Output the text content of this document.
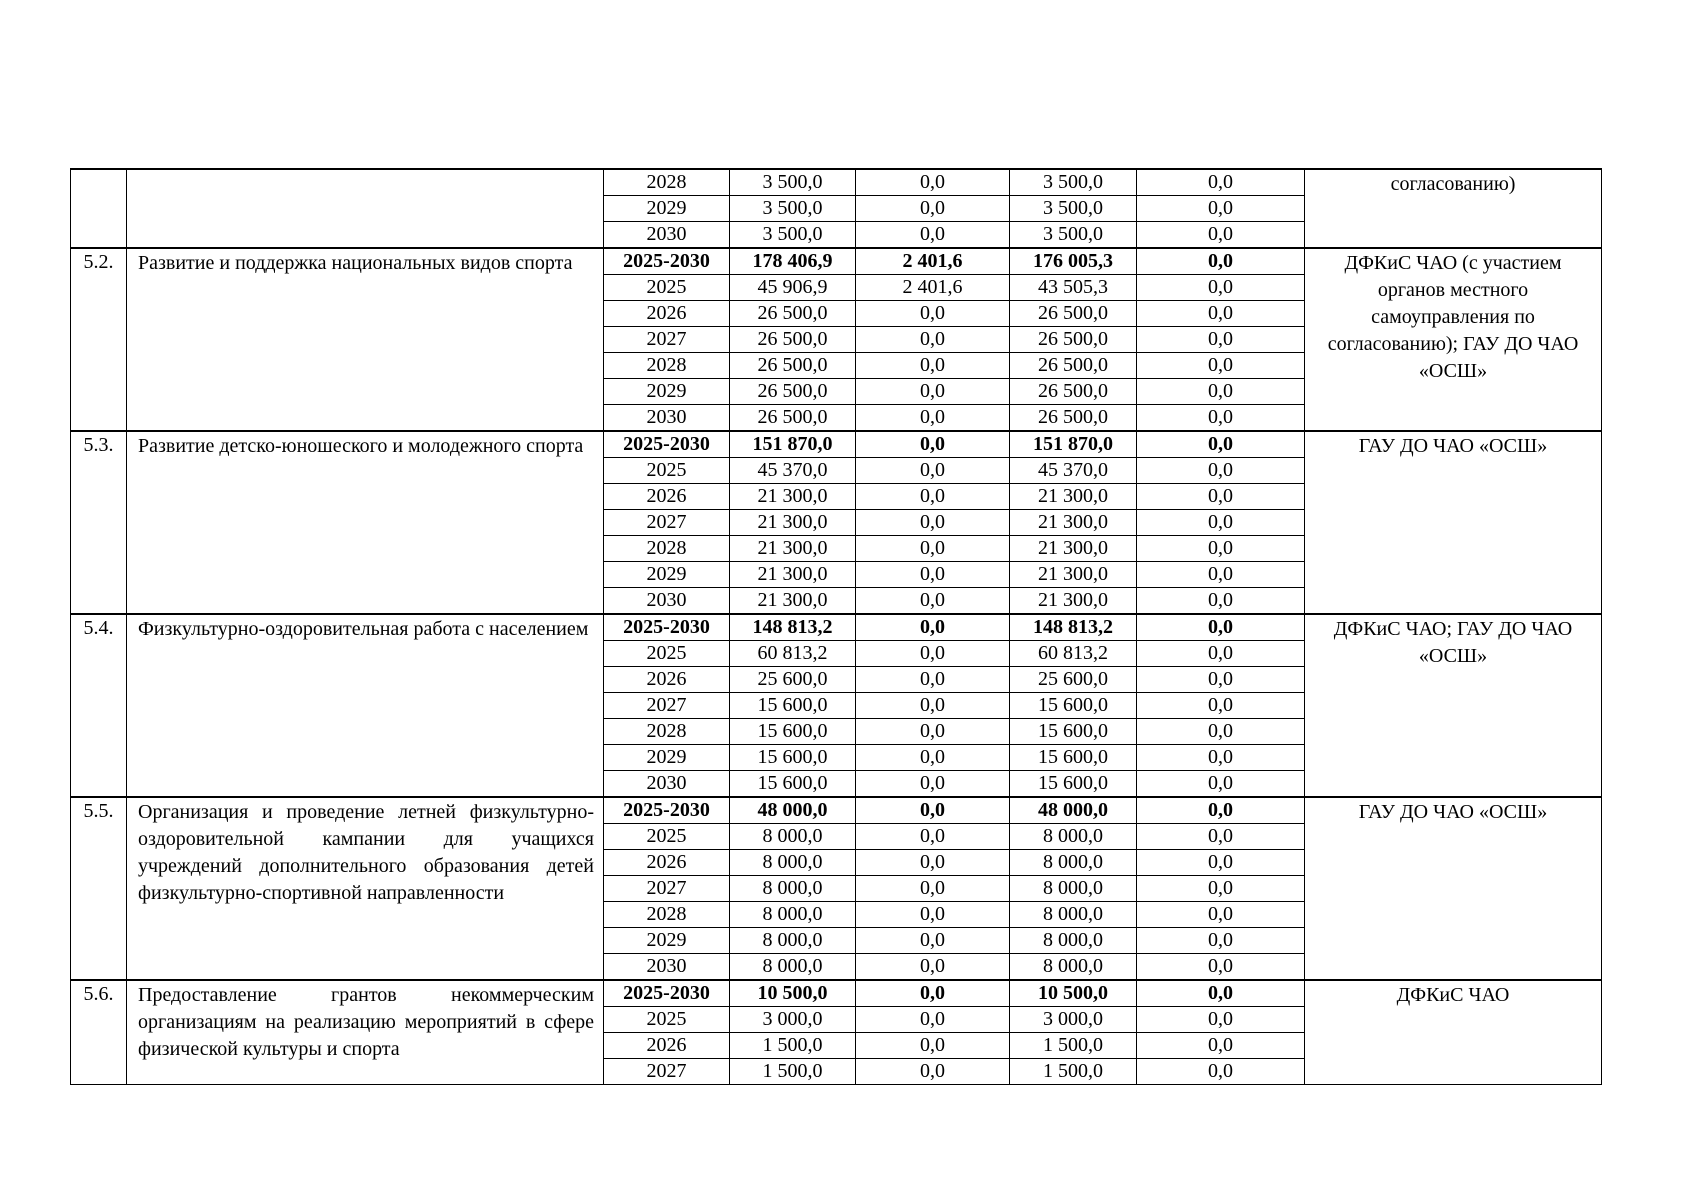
		2028	3 500,0	0,0	3 500,0	0,0	согласованию)
		2029	3 500,0	0,0	3 500,0	0,0	
		2030	3 500,0	0,0	3 500,0	0,0	
5.2.	Развитие и поддержка национальных видов спорта	2025-2030	178 406,9	2 401,6	176 005,3	0,0	ДФКиС ЧАО (с участием органов местного самоуправления по согласованию); ГАУ ДО ЧАО «ОСШ»
		2025	45 906,9	2 401,6	43 505,3	0,0	
		2026	26 500,0	0,0	26 500,0	0,0	
		2027	26 500,0	0,0	26 500,0	0,0	
		2028	26 500,0	0,0	26 500,0	0,0	
		2029	26 500,0	0,0	26 500,0	0,0	
		2030	26 500,0	0,0	26 500,0	0,0	
5.3.	Развитие детско-юношеского и молодежного спорта	2025-2030	151 870,0	0,0	151 870,0	0,0	ГАУ ДО ЧАО «ОСШ»
		2025	45 370,0	0,0	45 370,0	0,0	
		2026	21 300,0	0,0	21 300,0	0,0	
		2027	21 300,0	0,0	21 300,0	0,0	
		2028	21 300,0	0,0	21 300,0	0,0	
		2029	21 300,0	0,0	21 300,0	0,0	
		2030	21 300,0	0,0	21 300,0	0,0	
5.4.	Физкультурно-оздоровительная работа с населением	2025-2030	148 813,2	0,0	148 813,2	0,0	ДФКиС ЧАО; ГАУ ДО ЧАО «ОСШ»
		2025	60 813,2	0,0	60 813,2	0,0	
		2026	25 600,0	0,0	25 600,0	0,0	
		2027	15 600,0	0,0	15 600,0	0,0	
		2028	15 600,0	0,0	15 600,0	0,0	
		2029	15 600,0	0,0	15 600,0	0,0	
		2030	15 600,0	0,0	15 600,0	0,0	
5.5.	Организация и проведение летней физкультурно-оздоровительной кампании для учащихся учреждений дополнительного образования детей физкультурно-спортивной направленности	2025-2030	48 000,0	0,0	48 000,0	0,0	ГАУ ДО ЧАО «ОСШ»
		2025	8 000,0	0,0	8 000,0	0,0	
		2026	8 000,0	0,0	8 000,0	0,0	
		2027	8 000,0	0,0	8 000,0	0,0	
		2028	8 000,0	0,0	8 000,0	0,0	
		2029	8 000,0	0,0	8 000,0	0,0	
		2030	8 000,0	0,0	8 000,0	0,0	
5.6.	Предоставление грантов некоммерческим организациям на реализацию мероприятий в сфере физической культуры и спорта	2025-2030	10 500,0	0,0	10 500,0	0,0	ДФКиС ЧАО
		2025	3 000,0	0,0	3 000,0	0,0	
		2026	1 500,0	0,0	1 500,0	0,0	
		2027	1 500,0	0,0	1 500,0	0,0	
